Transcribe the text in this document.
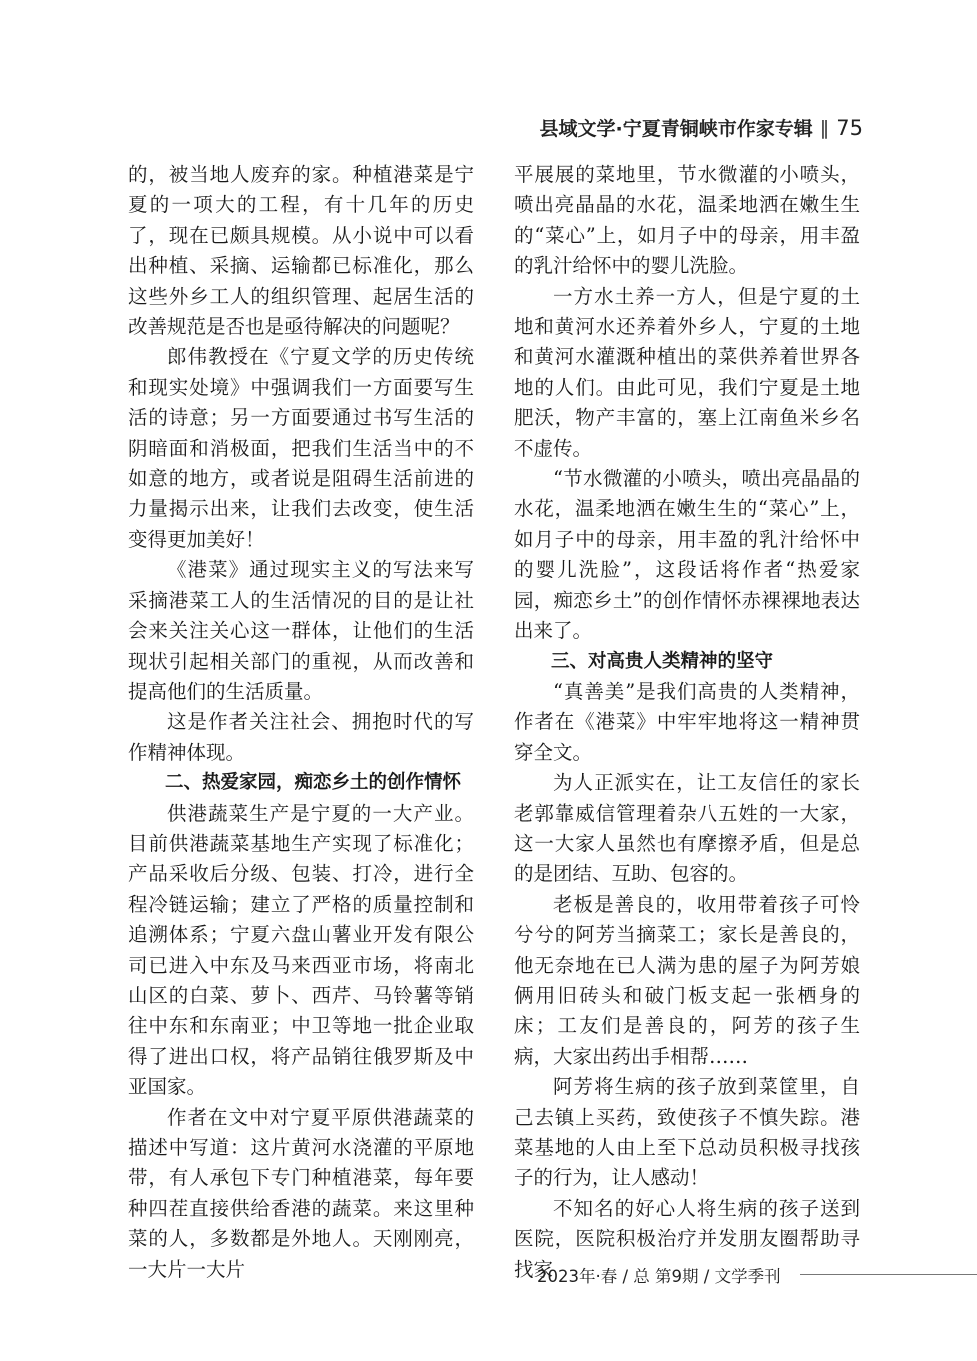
县域文学·宁夏青铜峡市作家专辑 ‖ 75

的，被当地人废弃的家。种植港菜是宁夏的一项大的工程，有十几年的历史了，现在已颇具规模。从小说中可以看出种植、采摘、运输都已标准化，那么这些外乡工人的组织管理、起居生活的改善规范是否也是亟待解决的问题呢？

郎伟教授在《宁夏文学的历史传统和现实处境》中强调我们一方面要写生活的诗意；另一方面要通过书写生活的阴暗面和消极面，把我们生活当中的不如意的地方，或者说是阻碍生活前进的力量揭示出来，让我们去改变，使生活变得更加美好！

《港菜》通过现实主义的写法来写采摘港菜工人的生活情况的目的是让社会来关注关心这一群体，让他们的生活现状引起相关部门的重视，从而改善和提高他们的生活质量。

这是作者关注社会、拥抱时代的写作精神体现。

二、热爱家园，痴恋乡土的创作情怀

供港蔬菜生产是宁夏的一大产业。目前供港蔬菜基地生产实现了标准化；产品采收后分级、包装、打冷，进行全程冷链运输；建立了严格的质量控制和追溯体系；宁夏六盘山薯业开发有限公司已进入中东及马来西亚市场，将南北山区的白菜、萝卜、西芹、马铃薯等销往中东和东南亚；中卫等地一批企业取得了进出口权，将产品销往俄罗斯及中亚国家。

作者在文中对宁夏平原供港蔬菜的描述中写道：这片黄河水浇灌的平原地带，有人承包下专门种植港菜，每年要种四茬直接供给香港的蔬菜。来这里种菜的人，多数都是外地人。天刚刚亮，一大片一大片

平展展的菜地里，节水微灌的小喷头，喷出亮晶晶的水花，温柔地洒在嫩生生的“菜心”上，如月子中的母亲，用丰盈的乳汁给怀中的婴儿洗脸。

一方水土养一方人，但是宁夏的土地和黄河水还养着外乡人，宁夏的土地和黄河水灌溉种植出的菜供养着世界各地的人们。由此可见，我们宁夏是土地肥沃，物产丰富的，塞上江南鱼米乡名不虚传。

“节水微灌的小喷头，喷出亮晶晶的水花，温柔地洒在嫩生生的“菜心”上，如月子中的母亲，用丰盈的乳汁给怀中的婴儿洗脸”，这段话将作者“热爱家园，痴恋乡土”的创作情怀赤裸裸地表达出来了。

三、对高贵人类精神的坚守

“真善美”是我们高贵的人类精神，作者在《港菜》中牢牢地将这一精神贯穿全文。

为人正派实在，让工友信任的家长老郭靠威信管理着杂八五姓的一大家，这一大家人虽然也有摩擦矛盾，但是总的是团结、互助、包容的。

老板是善良的，收用带着孩子可怜兮兮的阿芳当摘菜工；家长是善良的，他无奈地在已人满为患的屋子为阿芳娘俩用旧砖头和破门板支起一张栖身的床；工友们是善良的，阿芳的孩子生病，大家出药出手相帮……

阿芳将生病的孩子放到菜筐里，自己去镇上买药，致使孩子不慎失踪。港菜基地的人由上至下总动员积极寻找孩子的行为，让人感动！

不知名的好心人将生病的孩子送到医院，医院积极治疗并发朋友圈帮助寻找家

2023年·春 / 总 第9期 / 文学季刊
